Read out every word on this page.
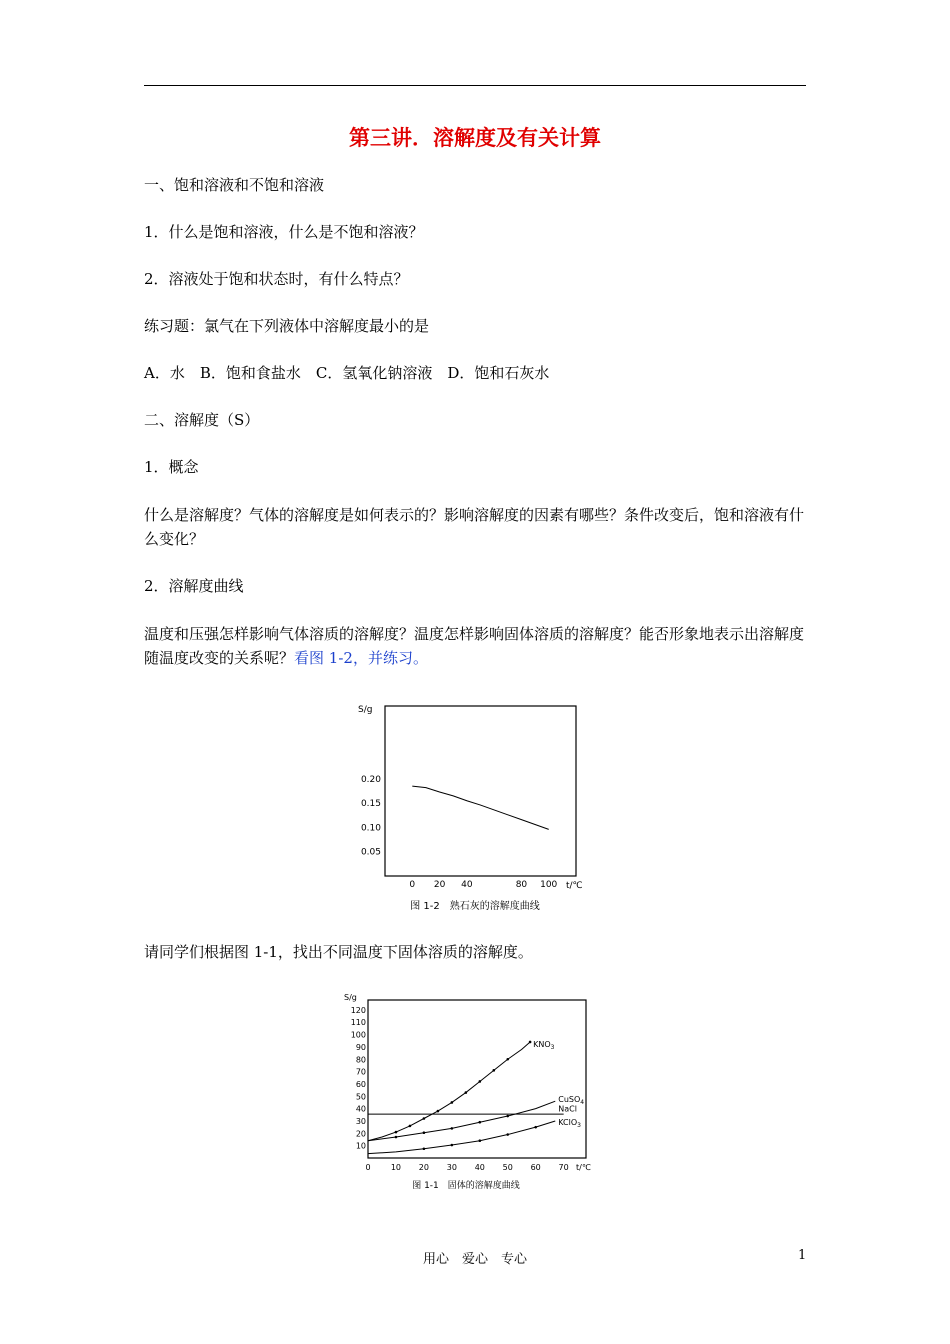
第三讲．溶解度及有关计算
一、饱和溶液和不饱和溶液
1．什么是饱和溶液，什么是不饱和溶液？
2．溶液处于饱和状态时，有什么特点？
练习题：氯气在下列液体中溶解度最小的是
A．水　B．饱和食盐水　C．氢氧化钠溶液　D．饱和石灰水
二、溶解度（S）
1．概念
什么是溶解度？气体的溶解度是如何表示的？影响溶解度的因素有哪些？条件改变后，饱和溶液有什么变化？
2．溶解度曲线
温度和压强怎样影响气体溶质的溶解度？温度怎样影响固体溶质的溶解度？能否形象地表示出溶解度随温度改变的关系呢？看图 1-2，并练习。
S/g
t/℃
0.05
0.10
0.15
0.20
0 20 40	80 100
图 1-2　熟石灰的溶解度曲线
请同学们根据图 1-1，找出不同温度下固体溶质的溶解度。
S/g
t/℃
10
20
30
40
50
60
70
80
90
100
110
120
0	10 20 30 40 50 60 70
$KNO_3$
CuSO$_4$
NaCl
KClO$_3$
图 1-1　固体的溶解度曲线
用心　爱心　专心	1
